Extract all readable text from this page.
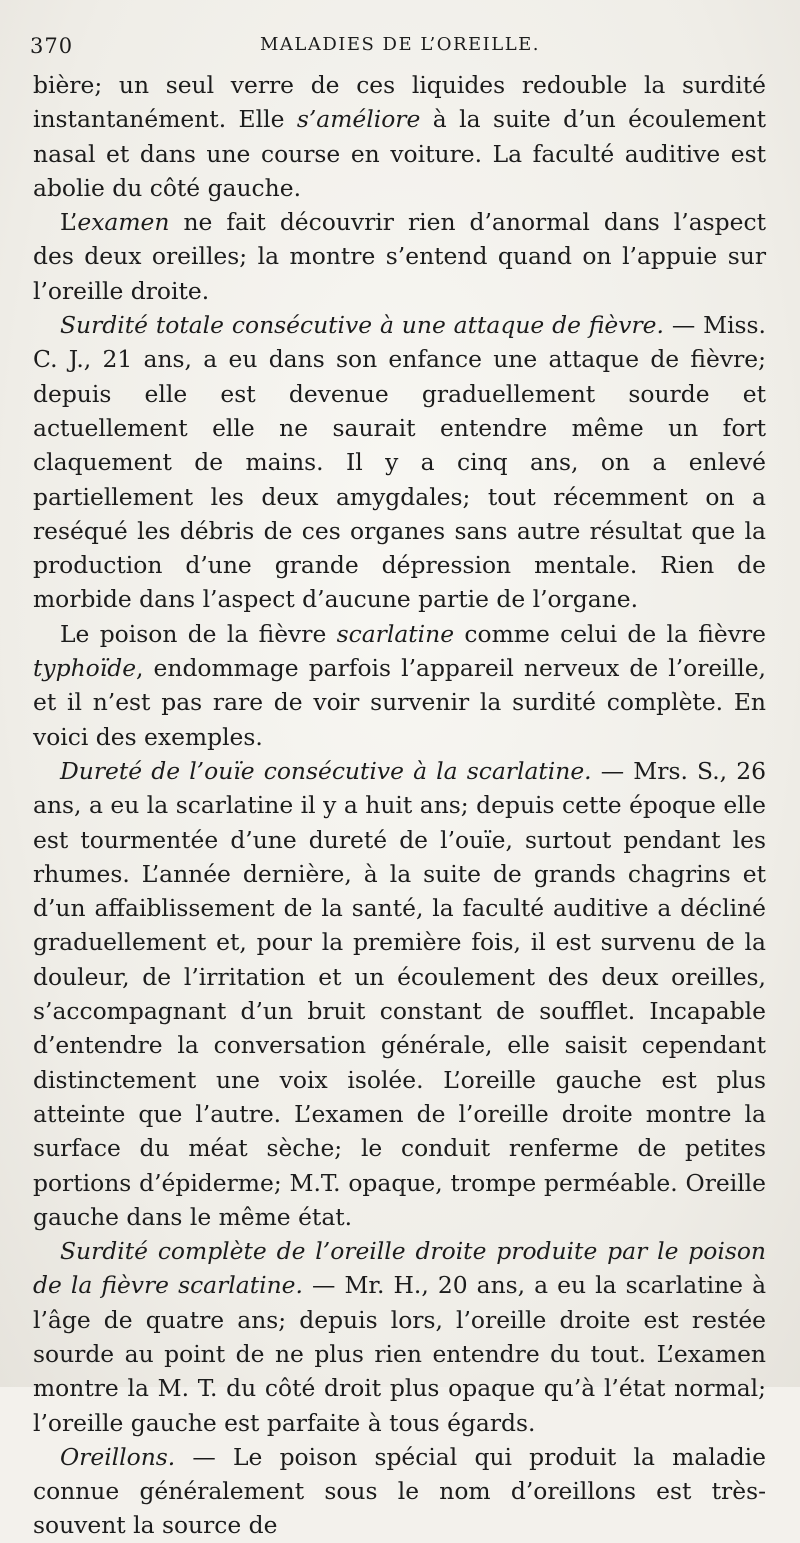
370	MALADIES DE L’OREILLE.

bière; un seul verre de ces liquides redouble la surdité instantanément. Elle s’améliore à la suite d’un écoulement nasal et dans une course en voiture. La faculté auditive est abolie du côté gauche.

L’examen ne fait découvrir rien d’anormal dans l’aspect des deux oreilles; la montre s’entend quand on l’appuie sur l’oreille droite.

Surdité totale consécutive à une attaque de fièvre. — Miss. C. J., 21 ans, a eu dans son enfance une attaque de fièvre; depuis elle est devenue graduellement sourde et actuellement elle ne saurait entendre même un fort claquement de mains. Il y a cinq ans, on a enlevé partiellement les deux amygdales; tout récemment on a reséqué les débris de ces organes sans autre résultat que la production d’une grande dépression mentale. Rien de morbide dans l’aspect d’aucune partie de l’organe.

Le poison de la fièvre scarlatine comme celui de la fièvre typhoïde, endommage parfois l’appareil nerveux de l’oreille, et il n’est pas rare de voir survenir la surdité complète. En voici des exemples.

Dureté de l’ouïe consécutive à la scarlatine. — Mrs. S., 26 ans, a eu la scarlatine il y a huit ans; depuis cette époque elle est tourmentée d’une dureté de l’ouïe, surtout pendant les rhumes. L’année dernière, à la suite de grands chagrins et d’un affaiblissement de la santé, la faculté auditive a décliné graduellement et, pour la première fois, il est survenu de la douleur, de l’irritation et un écoulement des deux oreilles, s’accompagnant d’un bruit constant de soufflet. Incapable d’entendre la conversation générale, elle saisit cependant distinctement une voix isolée. L’oreille gauche est plus atteinte que l’autre. L’examen de l’oreille droite montre la surface du méat sèche; le conduit renferme de petites portions d’épiderme; M.T. opaque, trompe perméable. Oreille gauche dans le même état.

Surdité complète de l’oreille droite produite par le poison de la fièvre scarlatine. — Mr. H., 20 ans, a eu la scarlatine à l’âge de quatre ans; depuis lors, l’oreille droite est restée sourde au point de ne plus rien entendre du tout. L’examen montre la M. T. du côté droit plus opaque qu’à l’état normal; l’oreille gauche est parfaite à tous égards.

Oreillons. — Le poison spécial qui produit la maladie connue généralement sous le nom d’oreillons est très-souvent la source de
